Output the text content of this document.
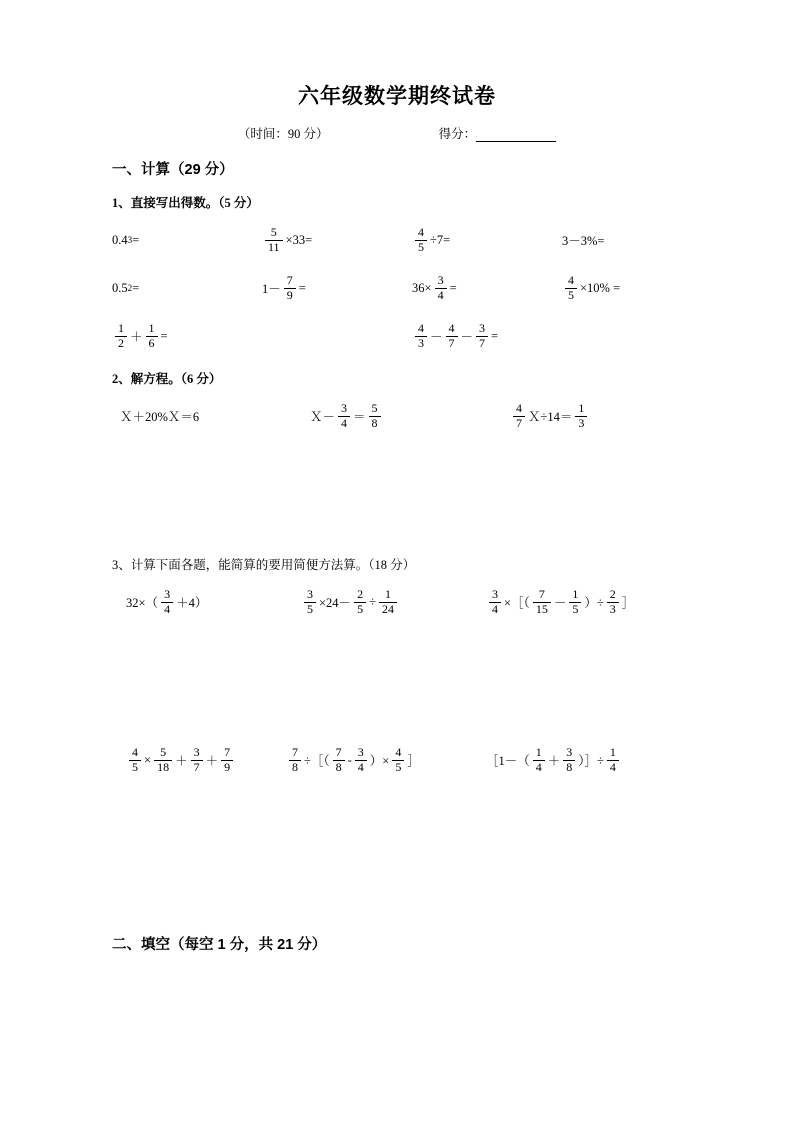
六年级数学期终试卷
（时间：90 分）	得分：
一、计算（29 分）
1、直接写出得数。（5 分）
0.4 3 =	$\frac{5}{11} \times 33=$	$\frac{4}{5} \div 7=$	3－3%=
0.5 2 =	$1- \frac{7}{9}$ =	$36\times \frac{3}{4}$ =	$\frac{4}{5} \times 10\%$ =
$\frac{1}{2} + \frac{1}{6}$ =	$\frac{4}{3} - \frac{4}{7} - \frac{3}{7}$ =
2、解方程。（6 分）
Ｘ＋20%Ｘ＝6	Ｘ－ $\frac{3}{4} = \frac{5}{8}$	$\frac{4}{7}$ Ｘ÷14＝ $\frac{1}{3}$
3、计算下面各题，能简算的要用简便方法算。（18 分）
$32\times( \frac{3}{4} +4)$	$\frac{3}{5} \times 24- \frac{2}{5} \div \frac{1}{24}$	$\frac{3}{4}$ ×［（ $\frac{7}{15} - \frac{1}{5}$ ）÷ $\frac{2}{3}$ ］
$\frac{4}{5} \times \frac{5}{18} + \frac{3}{7} + \frac{7}{9}$	$\frac{7}{8}$ ÷［（ $\frac{7}{8} - \frac{3}{4}$ ）× $\frac{4}{5}$ ］	［1－（ $\frac{1}{4} + \frac{3}{8}$ ）］÷ $\frac{1}{4}$
二、填空（每空 1 分，共 21 分）
